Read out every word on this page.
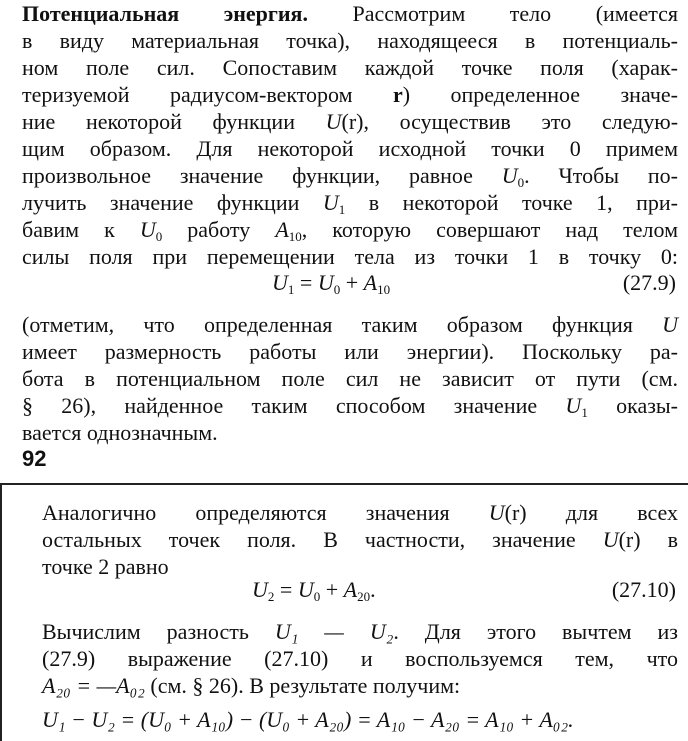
Потенциальная энергия. Рассмотрим тело (имеется
в виду материальная точка), находящееся в потенциаль-
ном поле сил. Сопоставим каждой точке поля (харак-
теризуемой радиусом-вектором r) определенное значе-
ние некоторой функции U(r), осуществив это следую-
щим образом. Для некоторой исходной точки 0 примем
произвольное значение функции, равное $U_0$. Чтобы по-
лучить значение функции $U_1$ в некоторой точке 1, при-
бавим к $U_0$ работу $A_{10}$, которую совершают над телом
силы поля при перемещении тела из точки 1 в точку 0:
$U_1 = U_0 + A_{10}$	(27.9)
(отметим, что определенная таким образом функция U
имеет размерность работы или энергии). Поскольку ра-
бота в потенциальном поле сил не зависит от пути (см.
§ 26), найденное таким способом значение $U_1$ оказы-
вается однозначным.
92
Аналогично определяются значения U(r) для всех
остальных точек поля. В частности, значение U(r) в
точке 2 равно
$U_2 = U_0 + A_{20}$.	(27.10)
Вычислим разность U₁ — U₂. Для этого вычтем из
(27.9) выражение (27.10) и воспользуемся тем, что
A₂₀ = —A₀₂ (см. § 26). В результате получим:
U₁ − U₂ = (U₀ + A₁₀) − (U₀ + A₂₀) = A₁₀ − A₂₀ = A₁₀ + A₀₂.
